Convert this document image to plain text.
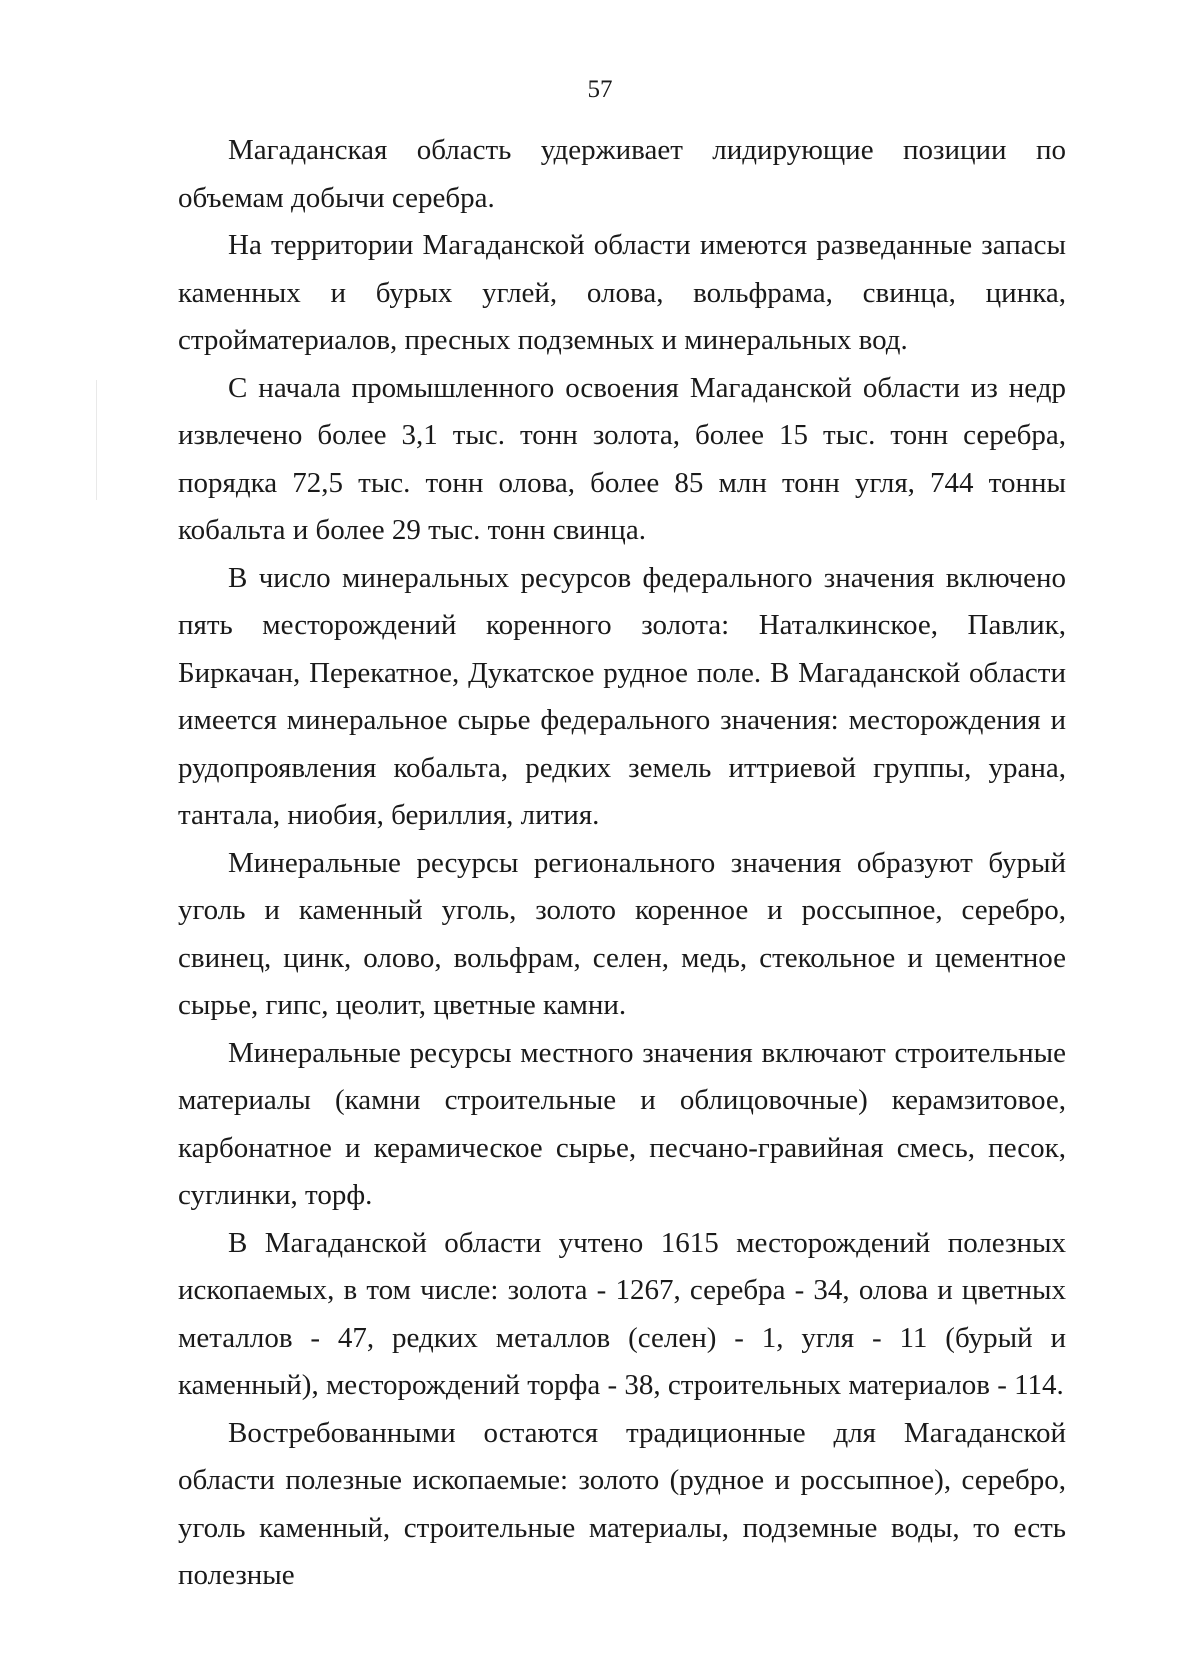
57

Магаданская область удерживает лидирующие позиции по объемам добычи серебра.

На территории Магаданской области имеются разведанные запасы каменных и бурых углей, олова, вольфрама, свинца, цинка, стройматериалов, пресных подземных и минеральных вод.

С начала промышленного освоения Магаданской области из недр извлечено более 3,1 тыс. тонн золота, более 15 тыс. тонн серебра, порядка 72,5 тыс. тонн олова, более 85 млн тонн угля, 744 тонны кобальта и более 29 тыс. тонн свинца.

В число минеральных ресурсов федерального значения включено пять месторождений коренного золота: Наталкинское, Павлик, Биркачан, Перекатное, Дукатское рудное поле. В Магаданской области имеется минеральное сырье федерального значения: месторождения и рудопроявления кобальта, редких земель иттриевой группы, урана, тантала, ниобия, бериллия, лития.

Минеральные ресурсы регионального значения образуют бурый уголь и каменный уголь, золото коренное и россыпное, серебро, свинец, цинк, олово, вольфрам, селен, медь, стекольное и цементное сырье, гипс, цеолит, цветные камни.

Минеральные ресурсы местного значения включают строительные материалы (камни строительные и облицовочные) керамзитовое, карбонатное и керамическое сырье, песчано-гравийная смесь, песок, суглинки, торф.

В Магаданской области учтено 1615 месторождений полезных ископаемых, в том числе: золота - 1267, серебра - 34, олова и цветных металлов - 47, редких металлов (селен) - 1, угля - 11 (бурый и каменный), месторождений торфа - 38, строительных материалов - 114.

Востребованными остаются традиционные для Магаданской области полезные ископаемые: золото (рудное и россыпное), серебро, уголь каменный, строительные материалы, подземные воды, то есть полезные
